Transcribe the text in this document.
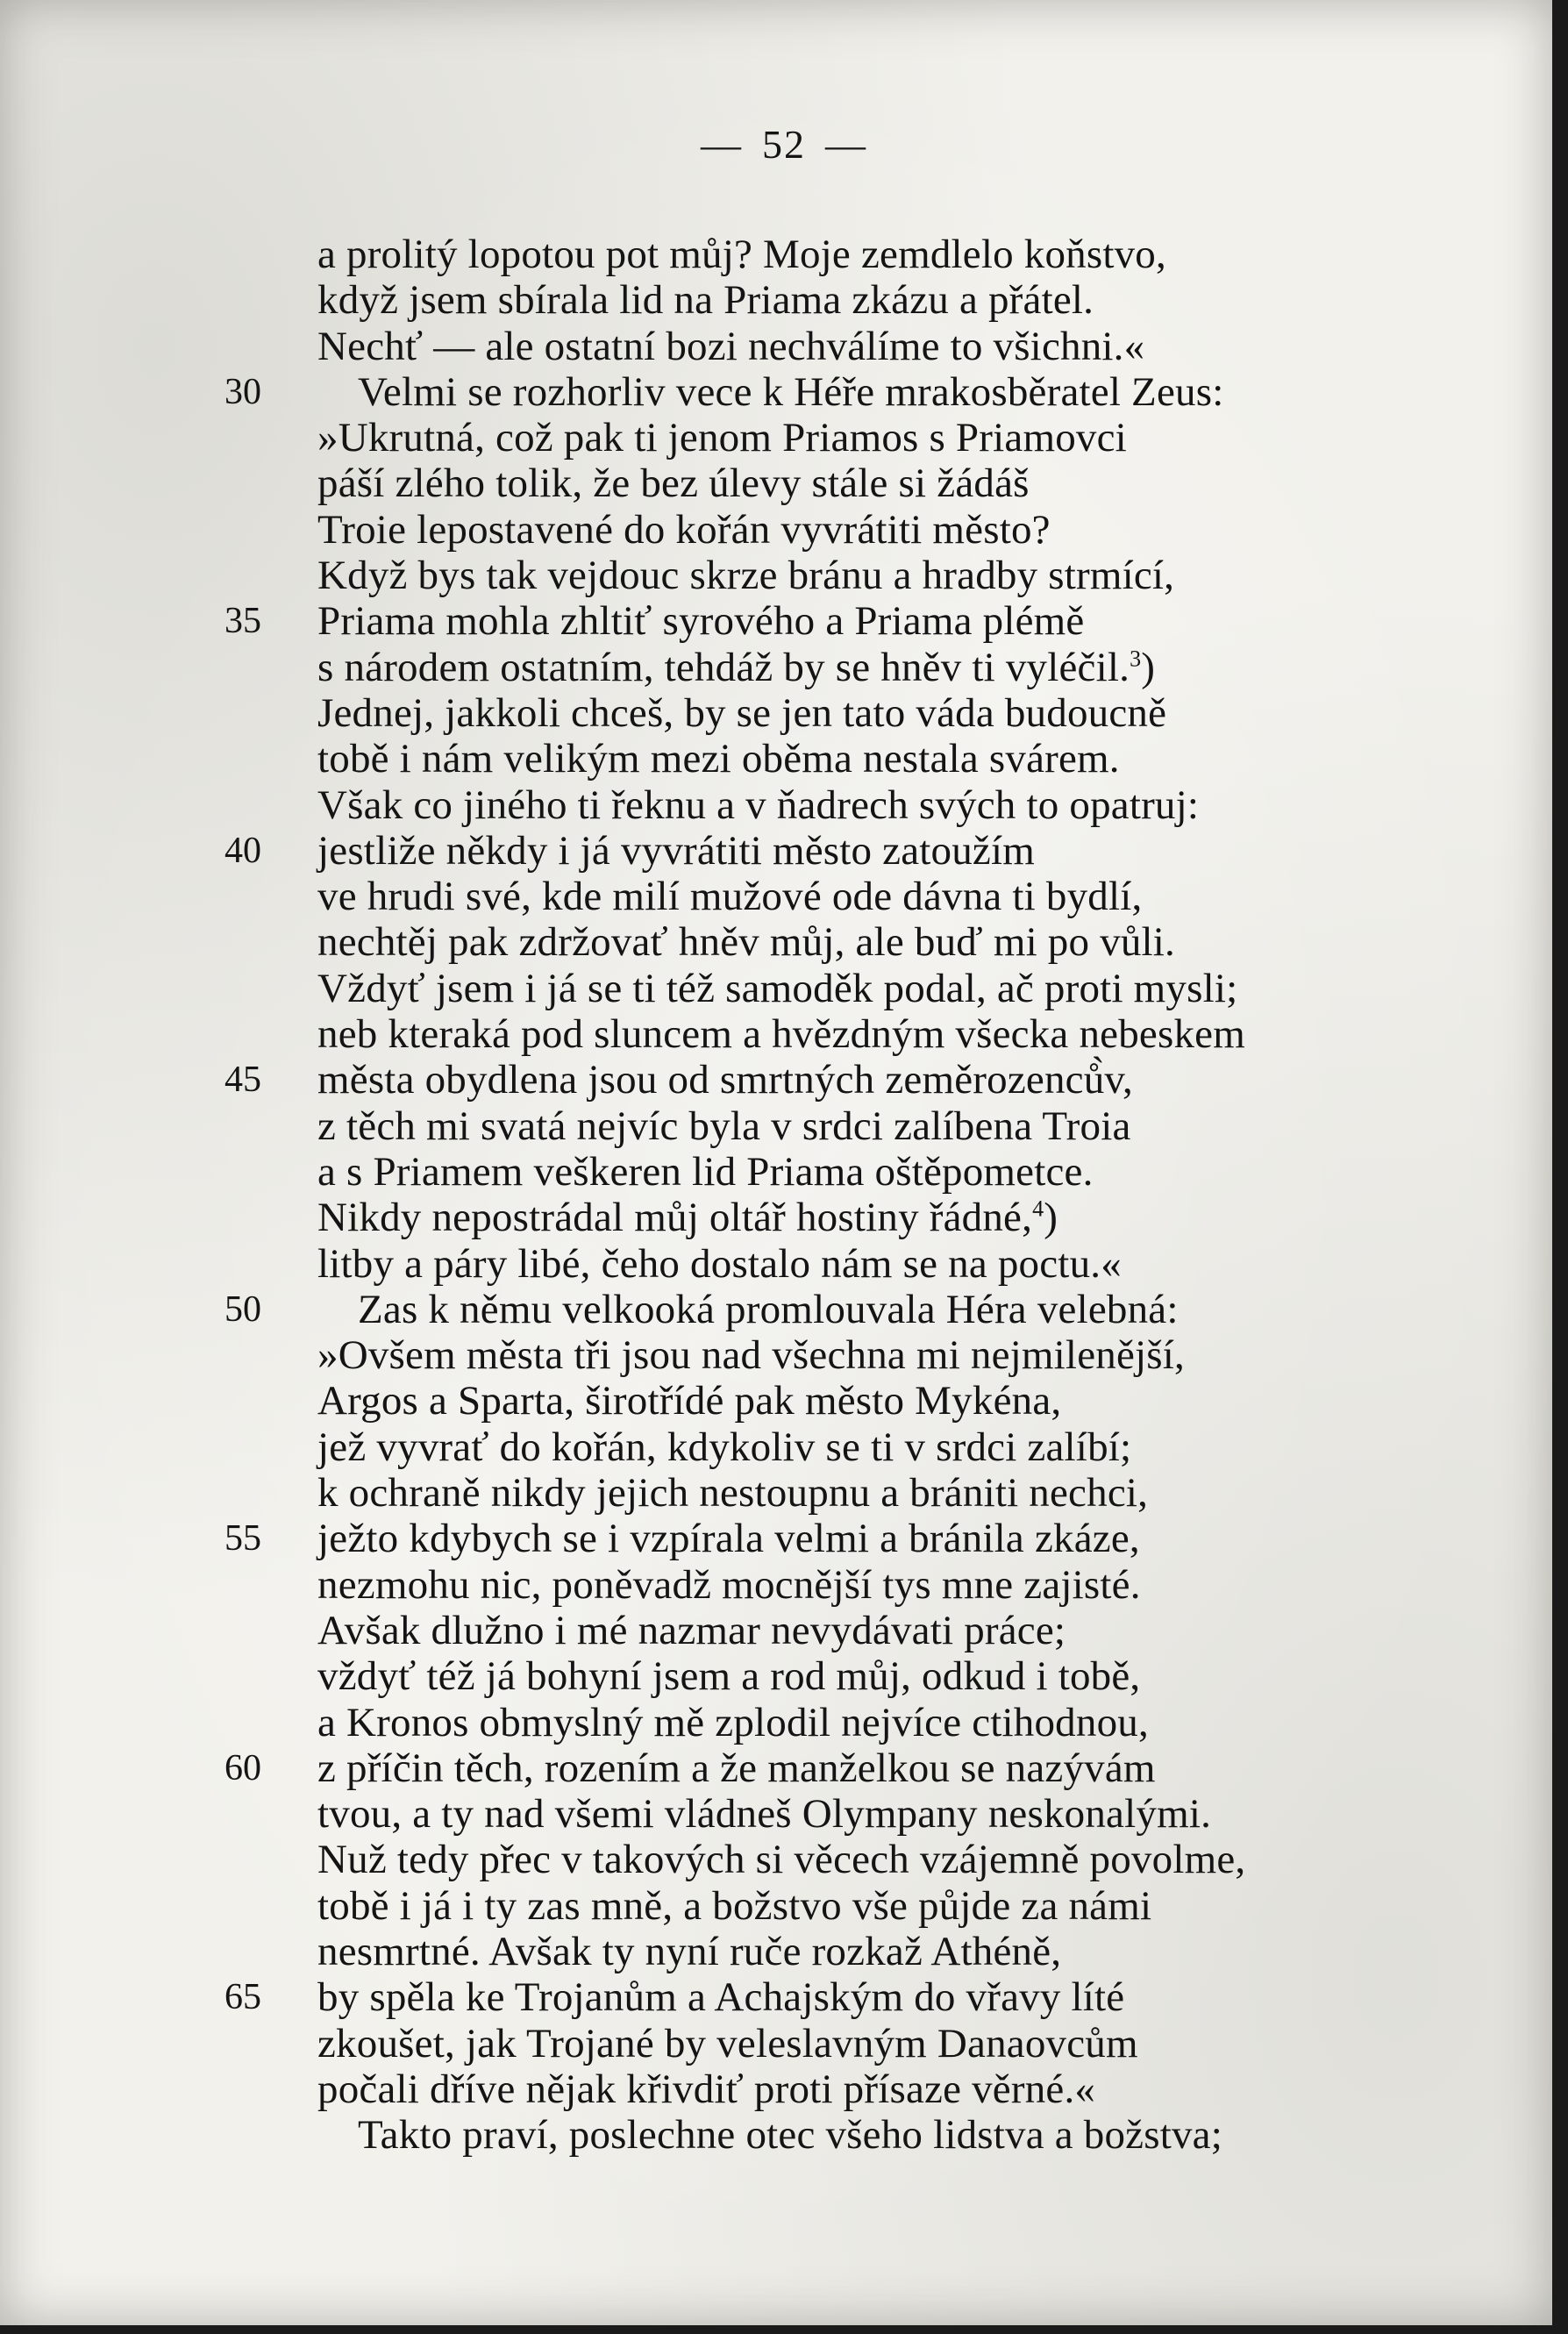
— 52 —
a prolitý lopotou pot můj? Moje zemdlelo koňstvo,
když jsem sbírala lid na Priama zkázu a přátel.
Nechť — ale ostatní bozi nechválíme to všichni.«
30	Velmi se rozhorliv vece k Héře mrakosběratel Zeus:
»Ukrutná, což pak ti jenom Priamos s Priamovci
páší zlého tolik, že bez úlevy stále si žádáš
Troie lepostavené do kořán vyvrátiti město?
Když bys tak vejdouc skrze bránu a hradby strmící,
35	Priama mohla zhltiť syrového a Priama plémě
s národem ostatním, tehdáž by se hněv ti vyléčil.$^3$)
Jednej, jakkoli chceš, by se jen tato váda budoucně
tobě i nám velikým mezi oběma nestala svárem.
Však co jiného ti řeknu a v ňadrech svých to opatruj:
40	jestliže někdy i já vyvrátiti město zatoužím
ve hrudi své, kde milí mužové ode dávna ti bydlí,
nechtěj pak zdržovať hněv můj, ale buď mi po vůli.
Vždyť jsem i já se ti též samoděk podal, ač proti mysli;
neb kteraká pod sluncem a hvězdným všecka nebeskem
45	města obydlena jsou od smrtných zeměrozenců̀v,
z těch mi svatá nejvíc byla v srdci zalíbena Troia
a s Priamem veškeren lid Priama oštěpometce.
Nikdy nepostrádal můj oltář hostiny řádné,$^4$)
litby a páry libé, čeho dostalo nám se na poctu.«
50	Zas k němu velkooká promlouvala Héra velebná:
»Ovšem města tři jsou nad všechna mi nejmilenější,
Argos a Sparta, širotřídé pak město Mykéna,
jež vyvrať do kořán, kdykoliv se ti v srdci zalíbí;
k ochraně nikdy jejich nestoupnu a brániti nechci,
55	ježto kdybych se i vzpírala velmi a bránila zkáze,
nezmohu nic, poněvadž mocnější tys mne zajisté.
Avšak dlužno i mé nazmar nevydávati práce;
vždyť též já bohyní jsem a rod můj, odkud i tobě,
a Kronos obmyslný mě zplodil nejvíce ctihodnou,
60	z příčin těch, rozením a že manželkou se nazývám
tvou, a ty nad všemi vládneš Olympany neskonalými.
Nuž tedy přec v takových si věcech vzájemně povolme,
tobě i já i ty zas mně, a božstvo vše půjde za námi
nesmrtné. Avšak ty nyní ruče rozkaž Athéně,
65	by spěla ke Trojanům a Achajským do vřavy líté
zkoušet, jak Trojané by veleslavným Danaovcům
počali dříve nějak křivdiť proti přísaze věrné.«
Takto praví, poslechne otec všeho lidstva a božstva;
